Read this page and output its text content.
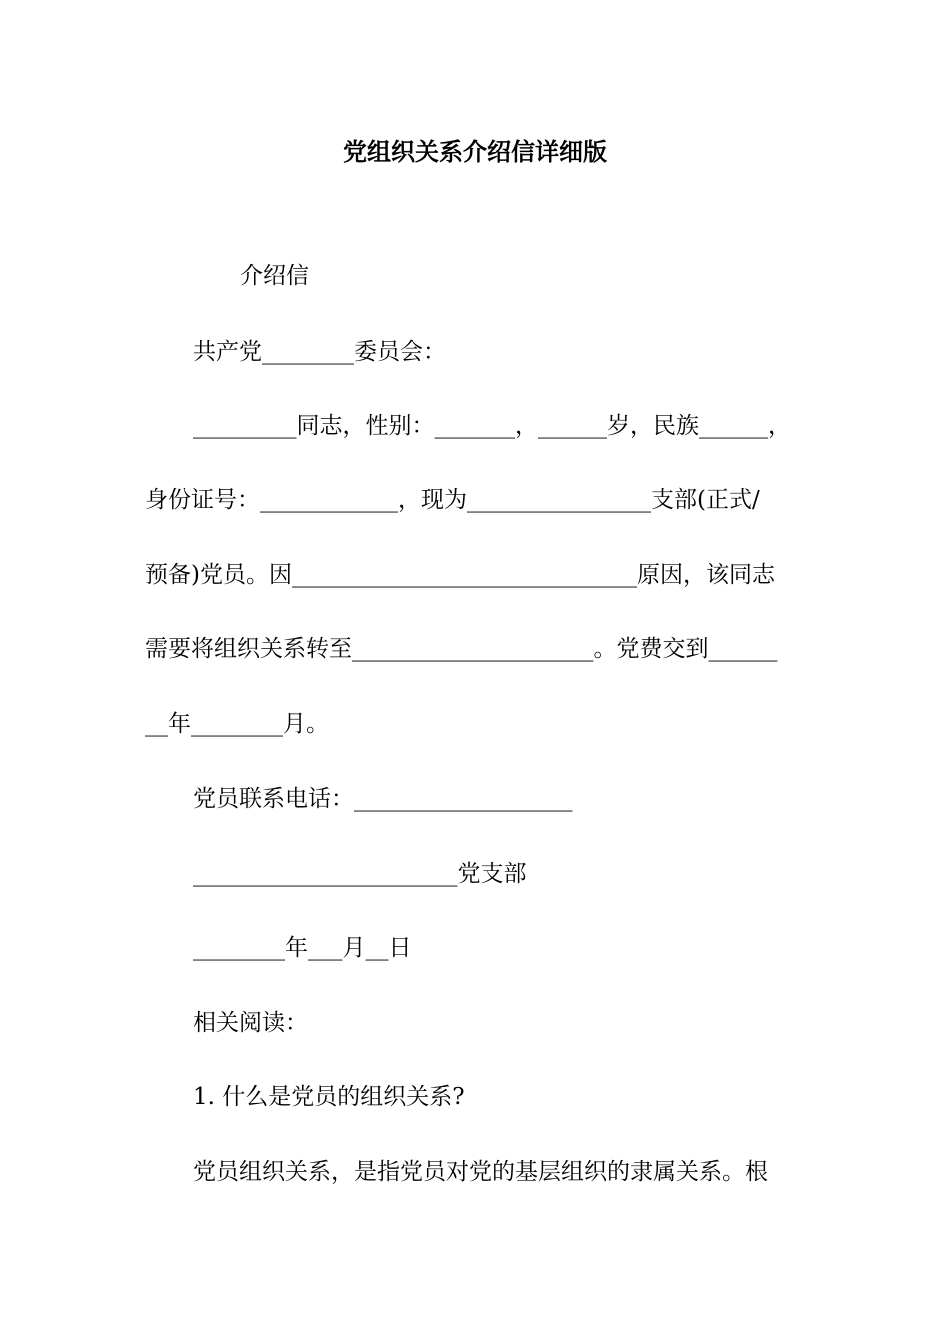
党组织关系介绍信详细版
介绍信
共产党________委员会：
_________同志，性别：_______，______岁，民族______，
身份证号：____________，现为________________支部(正式/
预备)党员。因______________________________原因，该同志
需要将组织关系转至_____________________。党费交到______
__年________月。
党员联系电话：___________________
_______________________党支部
________年___月__日
相关阅读：
1. 什么是党员的组织关系?
党员组织关系，是指党员对党的基层组织的隶属关系。根
